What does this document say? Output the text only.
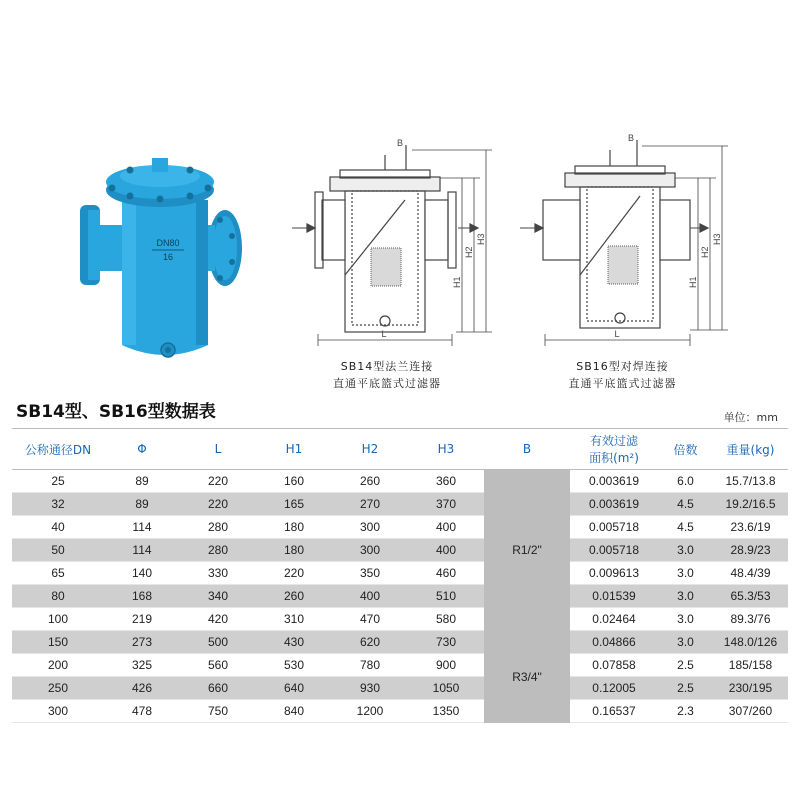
DN80
16
B
L
H1
H2
H3
B
L
H1
H2
H3
SB14型法兰连接
直通平底篮式过滤器
SB16型对焊连接
直通平底篮式过滤器
SB14型、SB16型数据表	单位：mm
公称通径DN	Φ	L	H1	H2	H3	B	有效过滤
面积(m²)	倍数	重量(kg)
25	89	220	160	260	360	R1/2"	0.003619	6.0	15.7/13.8
32	89	220	165	270	370		0.003619	4.5	19.2/16.5
40	114	280	180	300	400		0.005718	4.5	23.6/19
50	114	280	180	300	400		0.005718	3.0	28.9/23
65	140	330	220	350	460		0.009613	3.0	48.4/39
80	168	340	260	400	510		0.01539	3.0	65.3/53
100	219	420	310	470	580		0.02464	3.0	89.3/76
150	273	500	430	620	730	R3/4"	0.04866	3.0	148.0/126
200	325	560	530	780	900		0.07858	2.5	185/158
250	426	660	640	930	1050		0.12005	2.5	230/195
300	478	750	840	1200	1350		0.16537	2.3	307/260
